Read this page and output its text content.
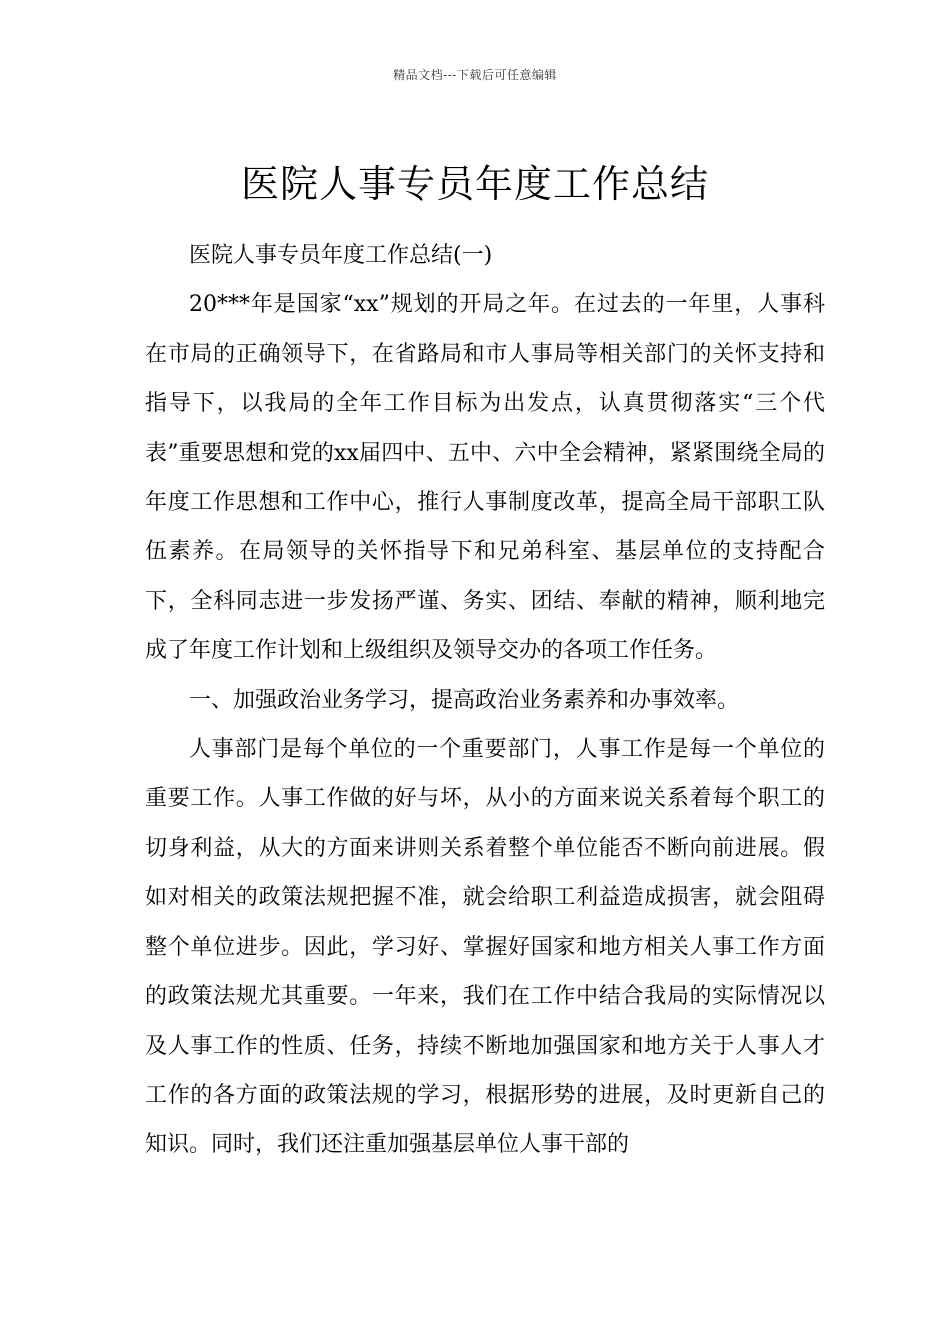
精品文档---下载后可任意编辑
医院人事专员年度工作总结

医院人事专员年度工作总结(一)

20***年是国家“xx”规划的开局之年。在过去的一年里，人事科在市局的正确领导下，在省路局和市人事局等相关部门的关怀支持和指导下，以我局的全年工作目标为出发点，认真贯彻落实“三个代表”重要思想和党的xx届四中、五中、六中全会精神，紧紧围绕全局的年度工作思想和工作中心，推行人事制度改革，提高全局干部职工队伍素养。在局领导的关怀指导下和兄弟科室、基层单位的支持配合下，全科同志进一步发扬严谨、务实、团结、奉献的精神，顺利地完成了年度工作计划和上级组织及领导交办的各项工作任务。

一、加强政治业务学习，提高政治业务素养和办事效率。

人事部门是每个单位的一个重要部门，人事工作是每一个单位的重要工作。人事工作做的好与坏，从小的方面来说关系着每个职工的切身利益，从大的方面来讲则关系着整个单位能否不断向前进展。假如对相关的政策法规把握不准，就会给职工利益造成损害，就会阻碍整个单位进步。因此，学习好、掌握好国家和地方相关人事工作方面的政策法规尤其重要。一年来，我们在工作中结合我局的实际情况以及人事工作的性质、任务，持续不断地加强国家和地方关于人事人才工作的各方面的政策法规的学习，根据形势的进展，及时更新自己的知识。同时，我们还注重加强基层单位人事干部的
